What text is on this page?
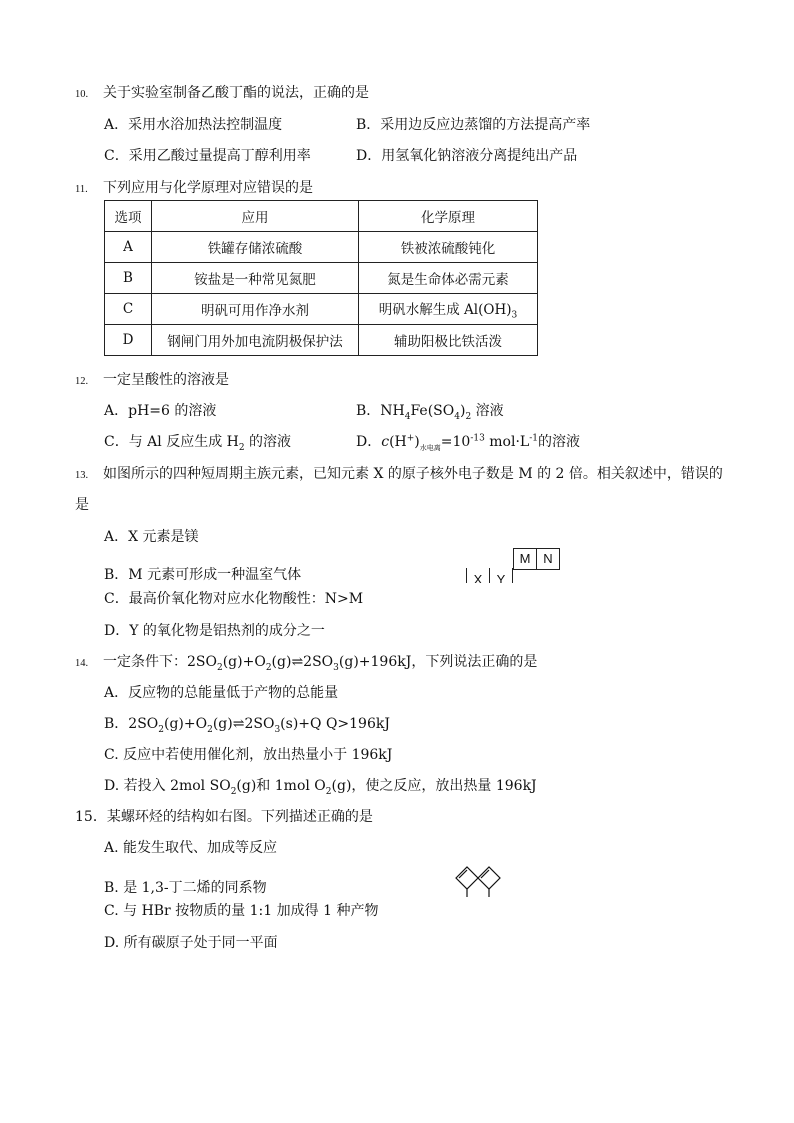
10. 关于实验室制备乙酸丁酯的说法，正确的是
A．采用水浴加热法控制温度	B．采用边反应边蒸馏的方法提高产率
C．采用乙酸过量提高丁醇利用率	D．用氢氧化钠溶液分离提纯出产品
11. 下列应用与化学原理对应错误的是
选项	应用	化学原理
A	铁罐存储浓硫酸	铁被浓硫酸钝化
B	铵盐是一种常见氮肥	氮是生命体必需元素
C	明矾可用作净水剂	明矾水解生成 $Al(OH)_3$
D	钢闸门用外加电流阴极保护法	辅助阳极比铁活泼
12. 一定呈酸性的溶液是
A．pH=6 的溶液	B．$NH_4Fe(SO_4)_2$ 溶液
C．与 Al 反应生成 $H_2$ 的溶液	D．$c(H^+)_{水电离}=10^{-13}$ $mol\cdot L^{-1}$的溶液
13. 如图所示的四种短周期主族元素，已知元素 X 的原子核外电子数是 M 的 2 倍。相关叙述中，错误的
是
A．X 元素是镁
B．M 元素可形成一种温室气体
C．最高价氧化物对应水化物酸性：N>M
D．Y 的氧化物是铝热剂的成分之一
M N
X	Y
14. 一定条件下：$2SO_2(g)+O_2(g)\rightleftharpoons 2SO_3(g)+196kJ$，下列说法正确的是
A．反应物的总能量低于产物的总能量
B．$2SO_2(g)+O_2(g)\rightleftharpoons 2SO_3(s)+Q$ Q>196kJ
C. 反应中若使用催化剂，放出热量小于 196kJ
D. 若投入 2mol $SO_2(g)$和 1mol $O_2(g)$，使之反应，放出热量 196kJ
15．某螺环烃的结构如右图。下列描述正确的是
A. 能发生取代、加成等反应
B. 是 1,3-丁二烯的同系物
C. 与 HBr 按物质的量 1:1 加成得 1 种产物
D. 所有碳原子处于同一平面
